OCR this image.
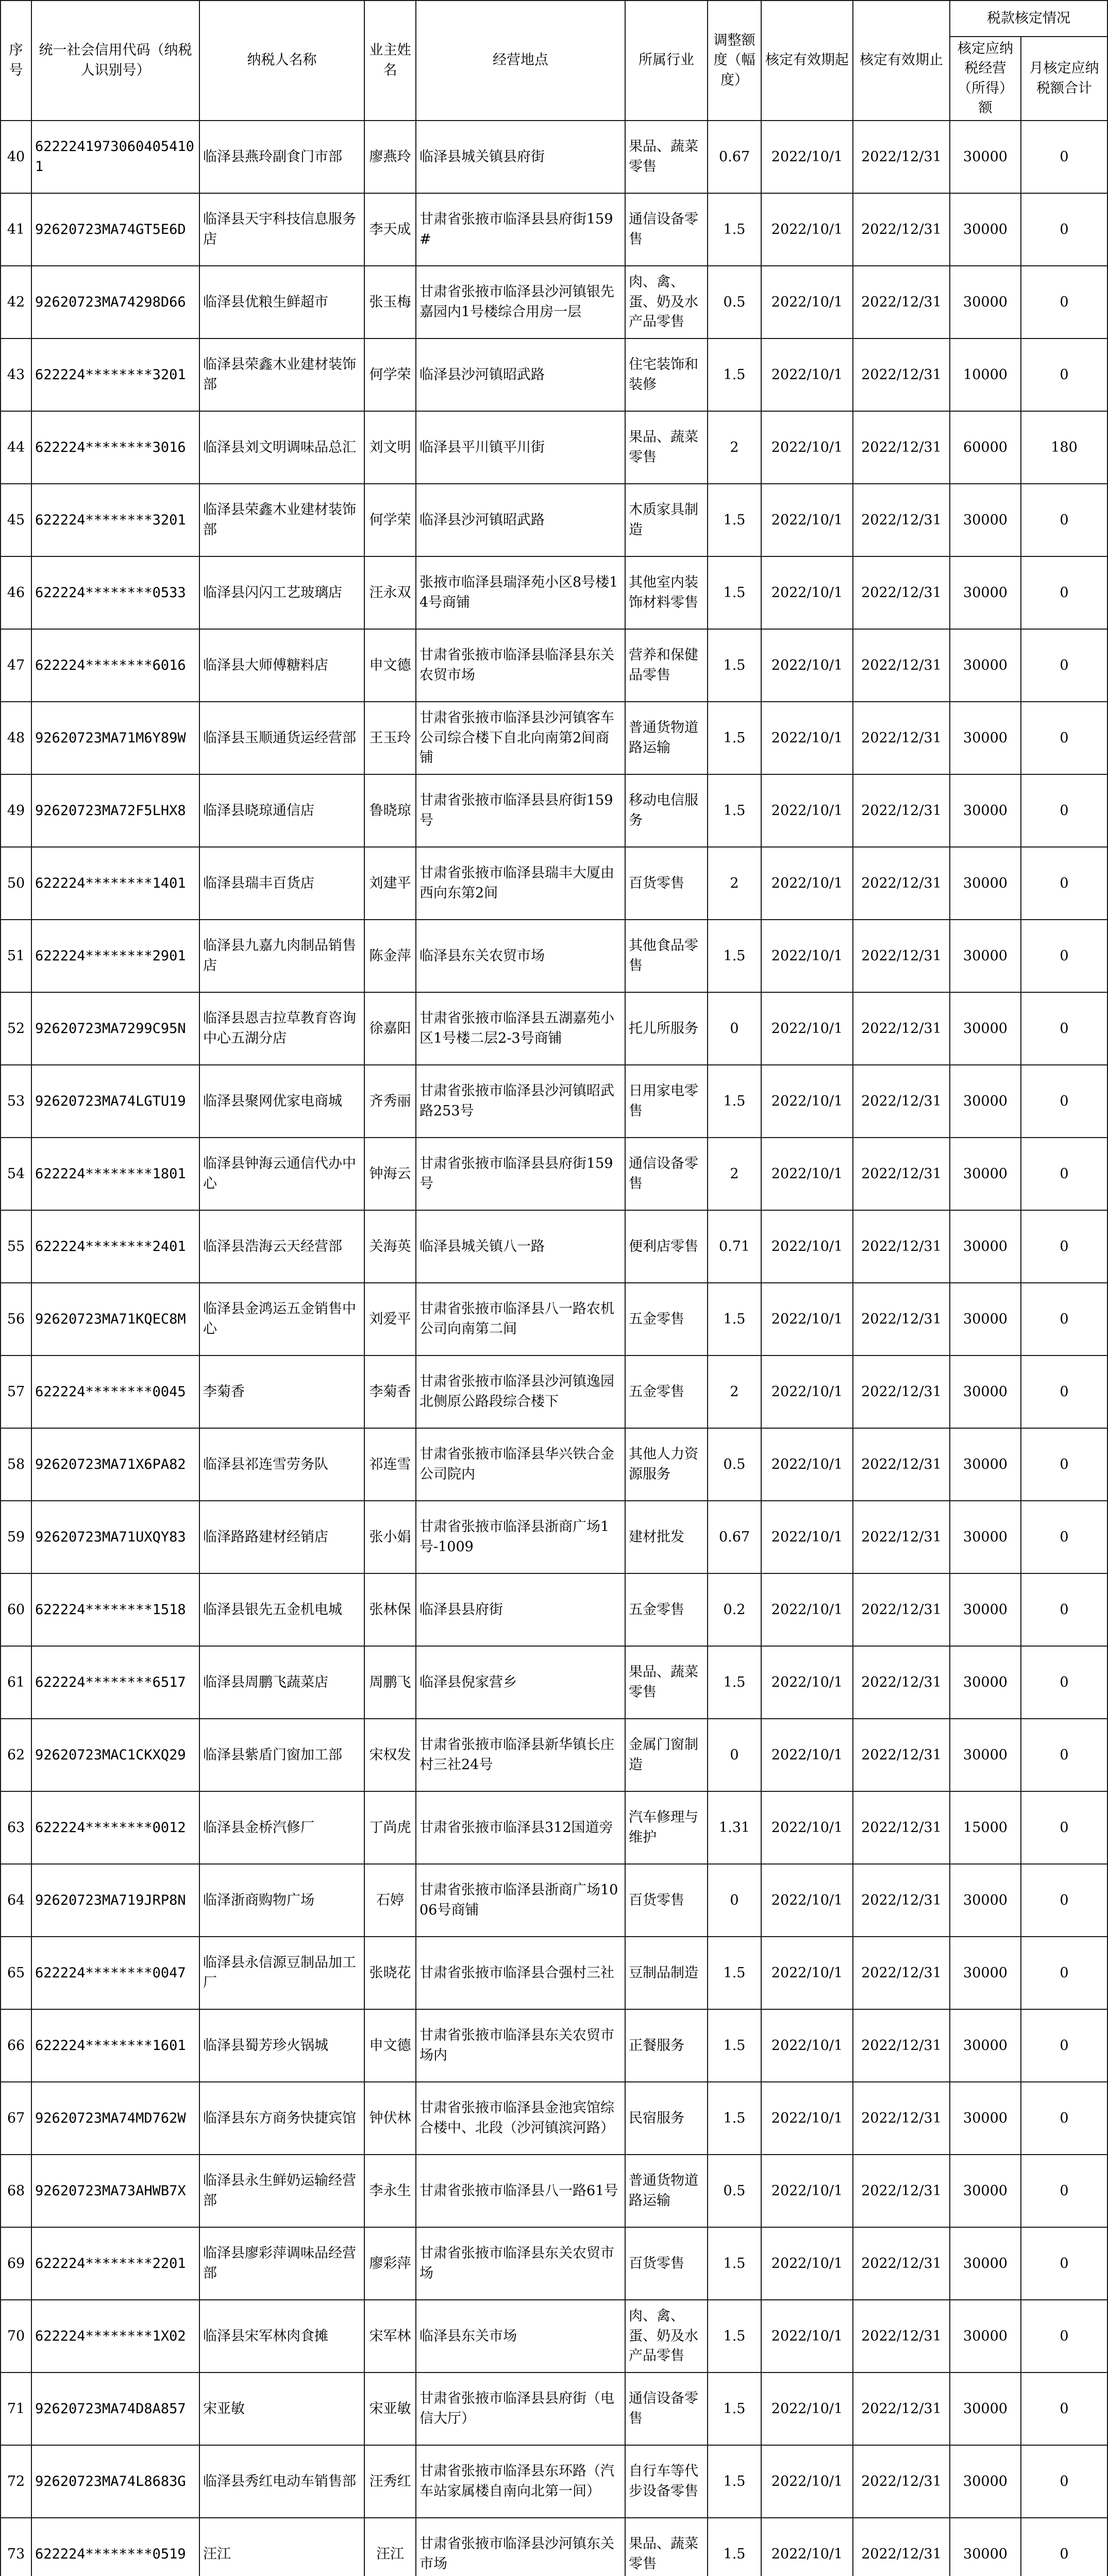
序号	统一社会信用代码（纳税人识别号）	纳税人名称	业主姓名	经营地点	所属行业	调整额度（幅度）	核定有效期起	核定有效期止	税款核定情况	
									核定应纳税经营（所得）额	月核定应纳税额合计
40	62222419730604054101	临泽县燕玲副食门市部	廖燕玲	临泽县城关镇县府街	果品、蔬菜零售	0.67	2022/10/1	2022/12/31	30000	0
41	92620723MA74GT5E6D	临泽县天宇科技信息服务店	李天成	甘肃省张掖市临泽县县府街159#	通信设备零售	1.5	2022/10/1	2022/12/31	30000	0
42	92620723MA74298D66	临泽县优粮生鲜超市	张玉梅	甘肃省张掖市临泽县沙河镇银先嘉园内1号楼综合用房一层	肉、禽、蛋、奶及水产品零售	0.5	2022/10/1	2022/12/31	30000	0
43	622224********3201	临泽县荣鑫木业建材装饰部	何学荣	临泽县沙河镇昭武路	住宅装饰和装修	1.5	2022/10/1	2022/12/31	10000	0
44	622224********3016	临泽县刘文明调味品总汇	刘文明	临泽县平川镇平川街	果品、蔬菜零售	2	2022/10/1	2022/12/31	60000	180
45	622224********3201	临泽县荣鑫木业建材装饰部	何学荣	临泽县沙河镇昭武路	木质家具制造	1.5	2022/10/1	2022/12/31	30000	0
46	622224********0533	临泽县闪闪工艺玻璃店	汪永双	张掖市临泽县瑞泽苑小区8号楼14号商铺	其他室内装饰材料零售	1.5	2022/10/1	2022/12/31	30000	0
47	622224********6016	临泽县大师傅糖料店	申文德	甘肃省张掖市临泽县临泽县东关农贸市场	营养和保健品零售	1.5	2022/10/1	2022/12/31	30000	0
48	92620723MA71M6Y89W	临泽县玉顺通货运经营部	王玉玲	甘肃省张掖市临泽县沙河镇客车公司综合楼下自北向南第2间商铺	普通货物道路运输	1.5	2022/10/1	2022/12/31	30000	0
49	92620723MA72F5LHX8	临泽县晓琼通信店	鲁晓琼	甘肃省张掖市临泽县县府街159号	移动电信服务	1.5	2022/10/1	2022/12/31	30000	0
50	622224********1401	临泽县瑞丰百货店	刘建平	甘肃省张掖市临泽县瑞丰大厦由西向东第2间	百货零售	2	2022/10/1	2022/12/31	30000	0
51	622224********2901	临泽县九嘉九肉制品销售店	陈金萍	临泽县东关农贸市场	其他食品零售	1.5	2022/10/1	2022/12/31	30000	0
52	92620723MA7299C95N	临泽县恩吉拉草教育咨询中心五湖分店	徐嘉阳	甘肃省张掖市临泽县五湖嘉苑小区1号楼二层2-3号商铺	托儿所服务	0	2022/10/1	2022/12/31	30000	0
53	92620723MA74LGTU19	临泽县聚网优家电商城	齐秀丽	甘肃省张掖市临泽县沙河镇昭武路253号	日用家电零售	1.5	2022/10/1	2022/12/31	30000	0
54	622224********1801	临泽县钟海云通信代办中心	钟海云	甘肃省张掖市临泽县县府街159号	通信设备零售	2	2022/10/1	2022/12/31	30000	0
55	622224********2401	临泽县浩海云天经营部	关海英	临泽县城关镇八一路	便利店零售	0.71	2022/10/1	2022/12/31	30000	0
56	92620723MA71KQEC8M	临泽县金鸿运五金销售中心	刘爱平	甘肃省张掖市临泽县八一路农机公司向南第二间	五金零售	1.5	2022/10/1	2022/12/31	30000	0
57	622224********0045	李菊香	李菊香	甘肃省张掖市临泽县沙河镇逸园北侧原公路段综合楼下	五金零售	2	2022/10/1	2022/12/31	30000	0
58	92620723MA71X6PA82	临泽县祁连雪劳务队	祁连雪	甘肃省张掖市临泽县华兴铁合金公司院内	其他人力资源服务	0.5	2022/10/1	2022/12/31	30000	0
59	92620723MA71UXQY83	临泽路路建材经销店	张小娟	甘肃省张掖市临泽县浙商广场1号-1009	建材批发	0.67	2022/10/1	2022/12/31	30000	0
60	622224********1518	临泽县银先五金机电城	张林保	临泽县县府街	五金零售	0.2	2022/10/1	2022/12/31	30000	0
61	622224********6517	临泽县周鹏飞蔬菜店	周鹏飞	临泽县倪家营乡	果品、蔬菜零售	1.5	2022/10/1	2022/12/31	30000	0
62	92620723MAC1CKXQ29	临泽县紫盾门窗加工部	宋权发	甘肃省张掖市临泽县新华镇长庄村三社24号	金属门窗制造	0	2022/10/1	2022/12/31	30000	0
63	622224********0012	临泽县金桥汽修厂	丁尚虎	甘肃省张掖市临泽县312国道旁	汽车修理与维护	1.31	2022/10/1	2022/12/31	15000	0
64	92620723MA719JRP8N	临泽浙商购物广场	石婷	甘肃省张掖市临泽县浙商广场1006号商铺	百货零售	0	2022/10/1	2022/12/31	30000	0
65	622224********0047	临泽县永信源豆制品加工厂	张晓花	甘肃省张掖市临泽县合强村三社	豆制品制造	1.5	2022/10/1	2022/12/31	30000	0
66	622224********1601	临泽县蜀芳珍火锅城	申文德	甘肃省张掖市临泽县东关农贸市场内	正餐服务	1.5	2022/10/1	2022/12/31	30000	0
67	92620723MA74MD762W	临泽县东方商务快捷宾馆	钟伏林	甘肃省张掖市临泽县金池宾馆综合楼中、北段（沙河镇滨河路）	民宿服务	1.5	2022/10/1	2022/12/31	30000	0
68	92620723MA73AHWB7X	临泽县永生鲜奶运输经营部	李永生	甘肃省张掖市临泽县八一路61号	普通货物道路运输	0.5	2022/10/1	2022/12/31	30000	0
69	622224********2201	临泽县廖彩萍调味品经营部	廖彩萍	甘肃省张掖市临泽县东关农贸市场	百货零售	1.5	2022/10/1	2022/12/31	30000	0
70	622224********1X02	临泽县宋军林肉食摊	宋军林	临泽县东关市场	肉、禽、蛋、奶及水产品零售	1.5	2022/10/1	2022/12/31	30000	0
71	92620723MA74D8A857	宋亚敏	宋亚敏	甘肃省张掖市临泽县县府街（电信大厅）	通信设备零售	1.5	2022/10/1	2022/12/31	30000	0
72	92620723MA74L8683G	临泽县秀红电动车销售部	汪秀红	甘肃省张掖市临泽县东环路（汽车站家属楼自南向北第一间）	自行车等代步设备零售	1.5	2022/10/1	2022/12/31	30000	0
73	622224********0519	汪江	汪江	甘肃省张掖市临泽县沙河镇东关市场	果品、蔬菜零售	1.5	2022/10/1	2022/12/31	30000	0
